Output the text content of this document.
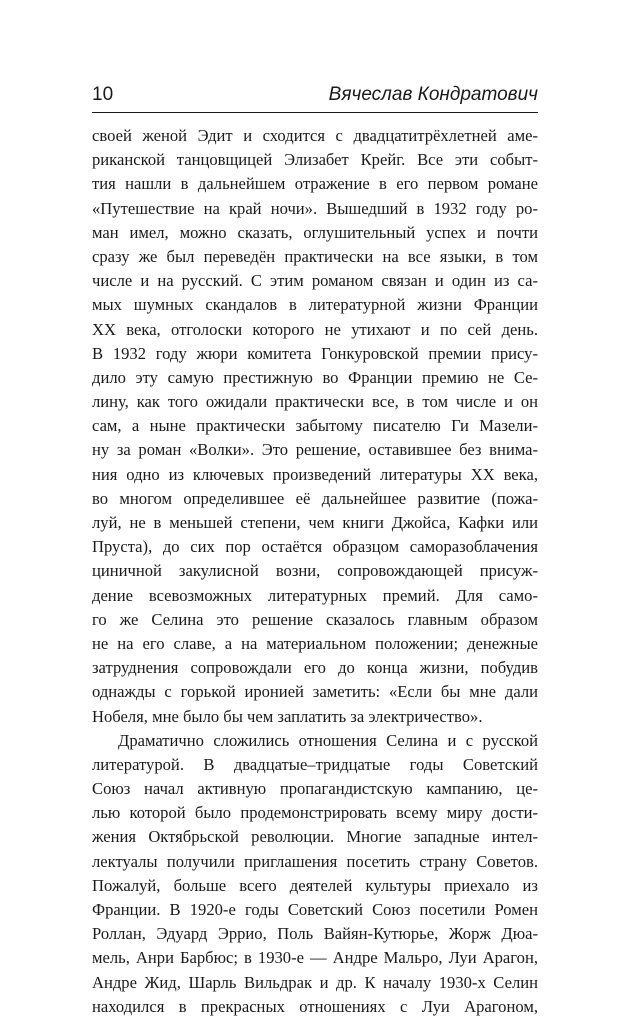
10	Вячеслав Кондратович
своей женой Эдит и сходится с двадцатитрёхлетней аме-
риканской танцовщицей Элизабет Крейг. Все эти событ-
тия нашли в дальнейшем отражение в его первом романе
«Путешествие на край ночи». Вышедший в 1932 году ро-
ман имел, можно сказать, оглушительный успех и почти
сразу же был переведён практически на все языки, в том
числе и на русский. С этим романом связан и один из са-
мых шумных скандалов в литературной жизни Франции
XX века, отголоски которого не утихают и по сей день.
В 1932 году жюри комитета Гонкуровской премии прису-
дило эту самую престижную во Франции премию не Се-
лину, как того ожидали практически все, в том числе и он
сам, а ныне практически забытому писателю Ги Мазели-
ну за роман «Волки». Это решение, оставившее без внима-
ния одно из ключевых произведений литературы XX века,
во многом определившее её дальнейшее развитие (пожа-
луй, не в меньшей степени, чем книги Джойса, Кафки или
Пруста), до сих пор остаётся образцом саморазоблачения
циничной закулисной возни, сопровождающей присуж-
дение всевозможных литературных премий. Для само-
го же Селина это решение сказалось главным образом
не на его славе, а на материальном положении; денежные
затруднения сопровождали его до конца жизни, побудив
однажды с горькой иронией заметить: «Если бы мне дали
Нобеля, мне было бы чем заплатить за электричество».
Драматично сложились отношения Селина и с русской
литературой. В двадцатые–тридцатые годы Советский
Союз начал активную пропагандистскую кампанию, це-
лью которой было продемонстрировать всему миру дости-
жения Октябрьской революции. Многие западные интел-
лектуалы получили приглашения посетить страну Советов.
Пожалуй, больше всего деятелей культуры приехало из
Франции. В 1920-е годы Советский Союз посетили Ромен
Роллан, Эдуард Эррио, Поль Вайян-Кутюрье, Жорж Дюа-
мель, Анри Барбюс; в 1930-е — Андре Мальро, Луи Арагон,
Андре Жид, Шарль Вильдрак и др. К началу 1930-х Селин
находился в прекрасных отношениях с Луи Арагоном,
